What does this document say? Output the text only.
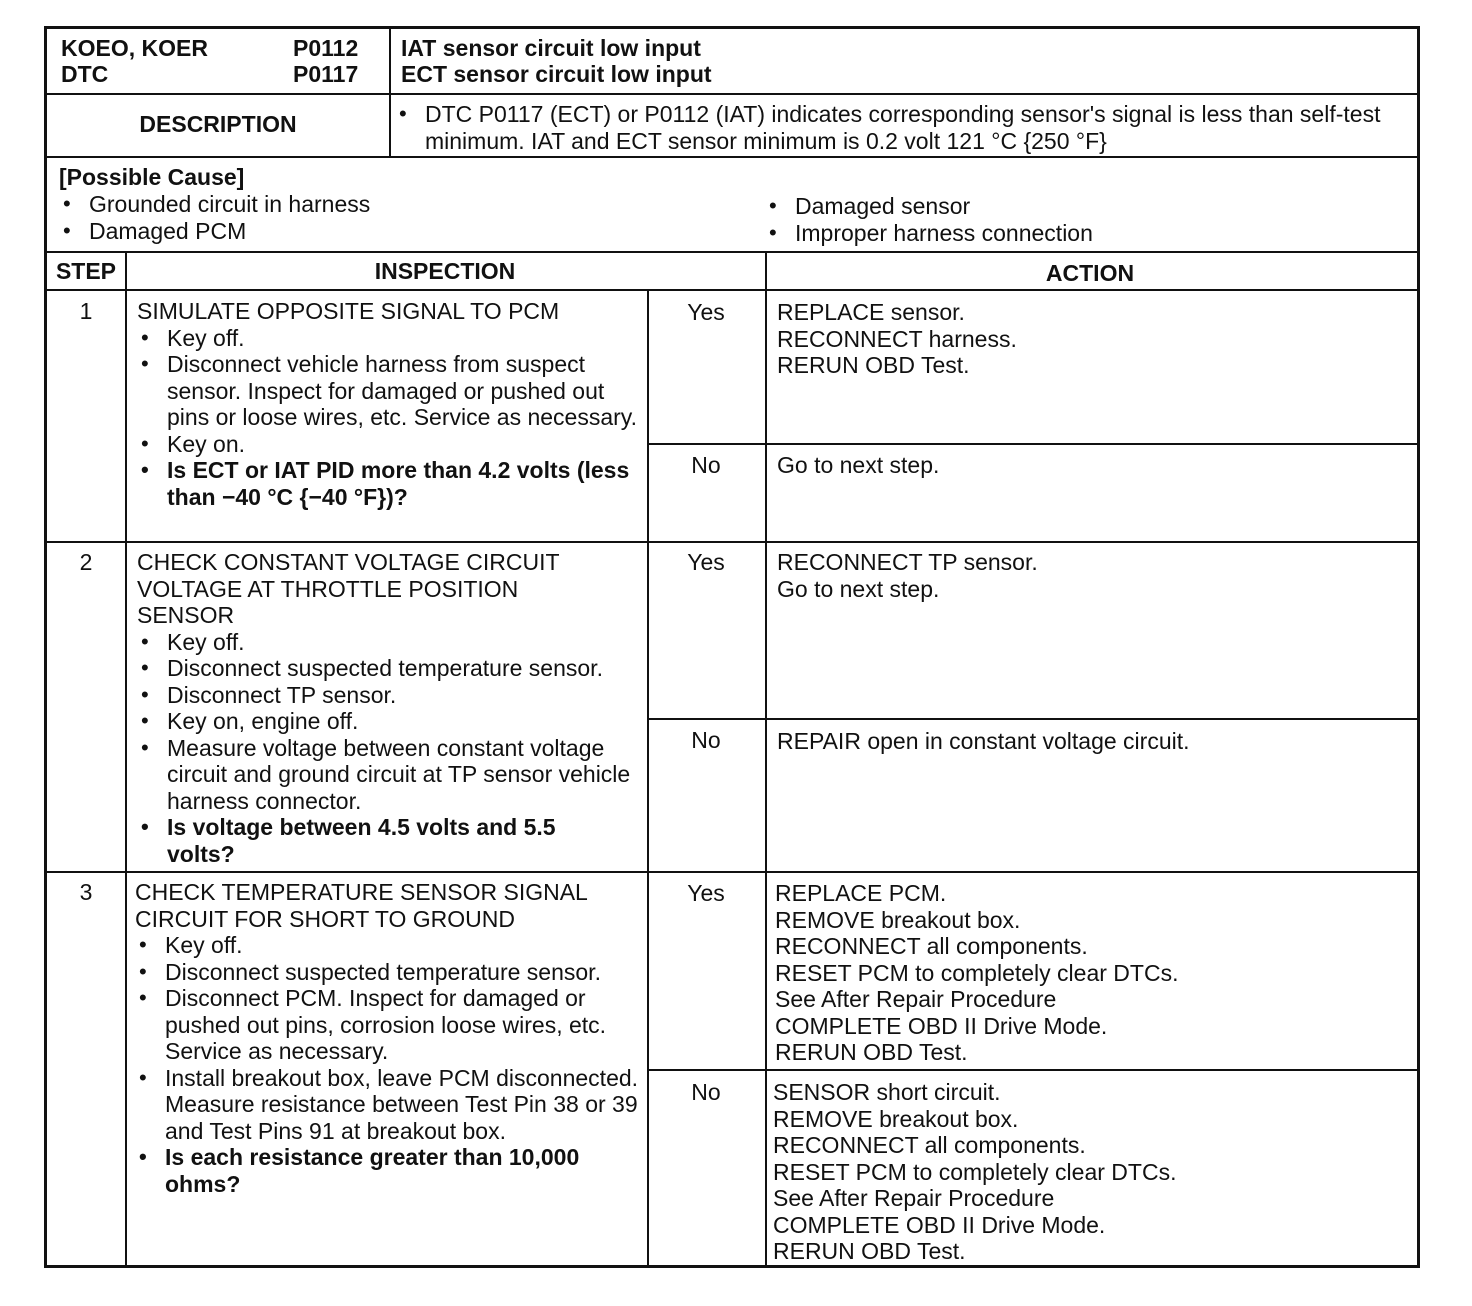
KOEO, KOER
DTC
P0112
P0117
IAT sensor circuit low input
ECT sensor circuit low input
DESCRIPTION
•	DTC P0117 (ECT) or P0112 (IAT) indicates corresponding sensor's signal is less than self-test minimum. IAT and ECT sensor minimum is 0.2 volt 121 °C {250 °F}
[Possible Cause]
• Grounded circuit in harness
• Damaged PCM
• Damaged sensor
• Improper harness connection
STEP	INSPECTION	ACTION
1	SIMULATE OPPOSITE SIGNAL TO PCM
• Key off.
• Disconnect vehicle harness from suspect sensor. Inspect for damaged or pushed out pins or loose wires, etc. Service as necessary.
• Key on.
• Is ECT or IAT PID more than 4.2 volts (less than −40 °C {−40 °F})?
Yes	REPLACE sensor.
RECONNECT harness.
RERUN OBD Test.
No	Go to next step.
2	CHECK CONSTANT VOLTAGE CIRCUIT VOLTAGE AT THROTTLE POSITION SENSOR
• Key off.
• Disconnect suspected temperature sensor.
• Disconnect TP sensor.
• Key on, engine off.
• Measure voltage between constant voltage circuit and ground circuit at TP sensor vehicle harness connector.
• Is voltage between 4.5 volts and 5.5 volts?
Yes	RECONNECT TP sensor.
Go to next step.
No	REPAIR open in constant voltage circuit.
3	CHECK TEMPERATURE SENSOR SIGNAL CIRCUIT FOR SHORT TO GROUND
• Key off.
• Disconnect suspected temperature sensor.
• Disconnect PCM. Inspect for damaged or pushed out pins, corrosion loose wires, etc. Service as necessary.
• Install breakout box, leave PCM disconnected. Measure resistance between Test Pin 38 or 39 and Test Pins 91 at breakout box.
• Is each resistance greater than 10,000 ohms?
Yes	REPLACE PCM.
REMOVE breakout box.
RECONNECT all components.
RESET PCM to completely clear DTCs.
See After Repair Procedure
COMPLETE OBD II Drive Mode.
RERUN OBD Test.
No	SENSOR short circuit.
REMOVE breakout box.
RECONNECT all components.
RESET PCM to completely clear DTCs.
See After Repair Procedure
COMPLETE OBD II Drive Mode.
RERUN OBD Test.
